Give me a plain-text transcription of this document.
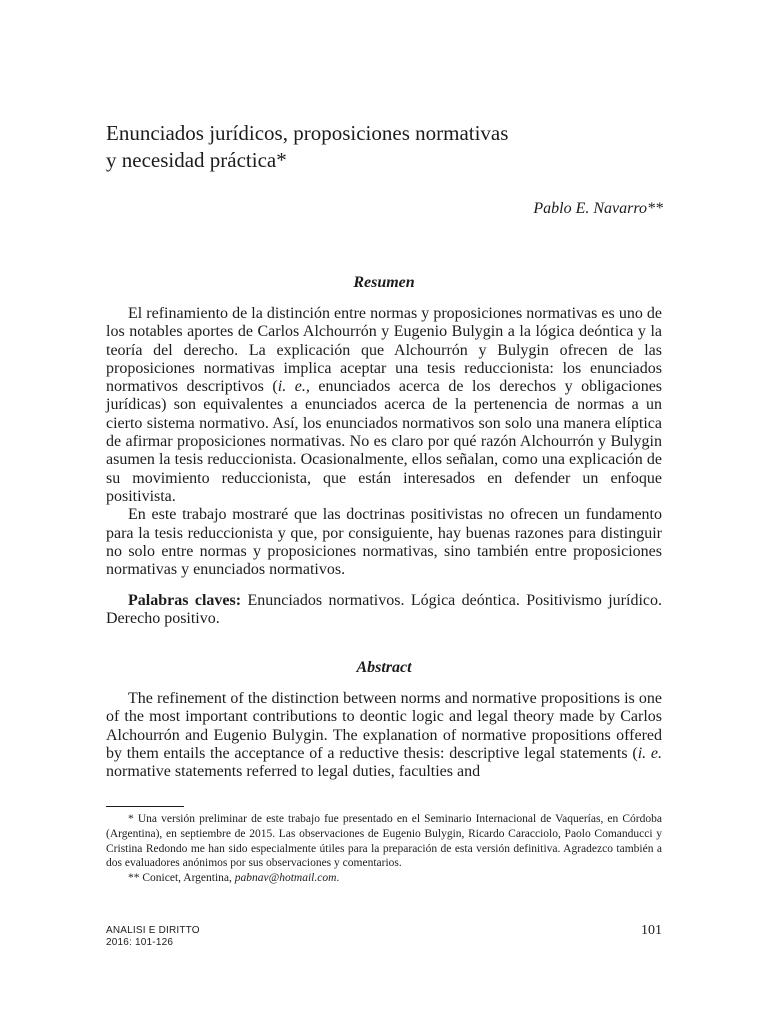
Enunciados jurídicos, proposiciones normativas
y necesidad práctica*
Pablo E. Navarro**
Resumen

El refinamiento de la distinción entre normas y proposiciones normativas es uno de los notables aportes de Carlos Alchourrón y Eugenio Bulygin a la lógica deóntica y la teoría del derecho. La explicación que Alchourrón y Bulygin ofrecen de las proposiciones normativas implica aceptar una tesis reduccionista: los enunciados normativos descriptivos (i. e., enunciados acerca de los derechos y obligaciones jurídicas) son equivalentes a enunciados acerca de la pertenencia de normas a un cierto sistema normativo. Así, los enunciados normativos son solo una manera elíptica de afirmar proposiciones normativas. No es claro por qué razón Alchourrón y Bulygin asumen la tesis reduccionista. Ocasionalmente, ellos señalan, como una explicación de su movimiento reduccionista, que están interesados en defender un enfoque positivista.

En este trabajo mostraré que las doctrinas positivistas no ofrecen un fundamento para la tesis reduccionista y que, por consiguiente, hay buenas razones para distinguir no solo entre normas y proposiciones normativas, sino también entre proposiciones normativas y enunciados normativos.

Palabras claves: Enunciados normativos. Lógica deóntica. Positivismo jurídico. Derecho positivo.

Abstract

The refinement of the distinction between norms and normative propositions is one of the most important contributions to deontic logic and legal theory made by Carlos Alchourrón and Eugenio Bulygin. The explanation of normative propositions offered by them entails the acceptance of a reductive thesis: descriptive legal statements (i. e. normative statements referred to legal duties, faculties and

* Una versión preliminar de este trabajo fue presentado en el Seminario Internacional de Vaquerías, en Córdoba (Argentina), en septiembre de 2015. Las observaciones de Eugenio Bulygin, Ricardo Caracciolo, Paolo Comanducci y Cristina Redondo me han sido especialmente útiles para la preparación de esta versión definitiva. Agradezco también a dos evaluadores anónimos por sus observaciones y comentarios.

** Conicet, Argentina, pabnav@hotmail.com.

ANALISI E DIRITTO
2016: 101-126
101
